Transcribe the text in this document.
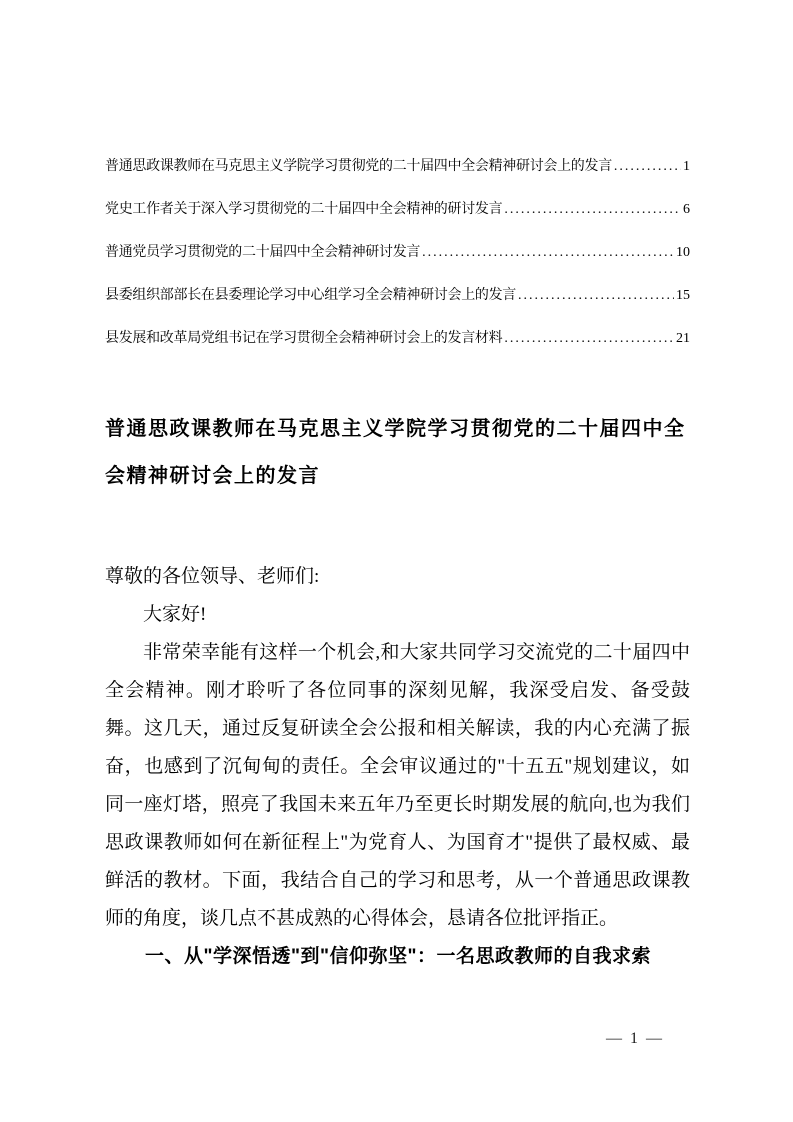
普通思政课教师在马克思主义学院学习贯彻党的二十届四中全会精神研讨会上的发言 .....	1
党史工作者关于深入学习贯彻党的二十届四中全会精神的研讨发言 .....	6
普通党员学习贯彻党的二十届四中全会精神研讨发言 .....	10
县委组织部部长在县委理论学习中心组学习全会精神研讨会上的发言 .....	15
县发展和改革局党组书记在学习贯彻全会精神研讨会上的发言材料 .....	21
普通思政课教师在马克思主义学院学习贯彻党的二十届四中全会精神研讨会上的发言

尊敬的各位领导、老师们:

大家好!

非常荣幸能有这样一个机会,和大家共同学习交流党的二十届四中全会精神。刚才聆听了各位同事的深刻见解，我深受启发、备受鼓舞。这几天，通过反复研读全会公报和相关解读，我的内心充满了振奋，也感到了沉甸甸的责任。全会审议通过的"十五五"规划建议，如同一座灯塔，照亮了我国未来五年乃至更长时期发展的航向,也为我们思政课教师如何在新征程上"为党育人、为国育才"提供了最权威、最鲜活的教材。下面，我结合自己的学习和思考，从一个普通思政课教师的角度，谈几点不甚成熟的心得体会，恳请各位批评指正。

一、从"学深悟透"到"信仰弥坚"：一名思政教师的自我求索

— 1 —
